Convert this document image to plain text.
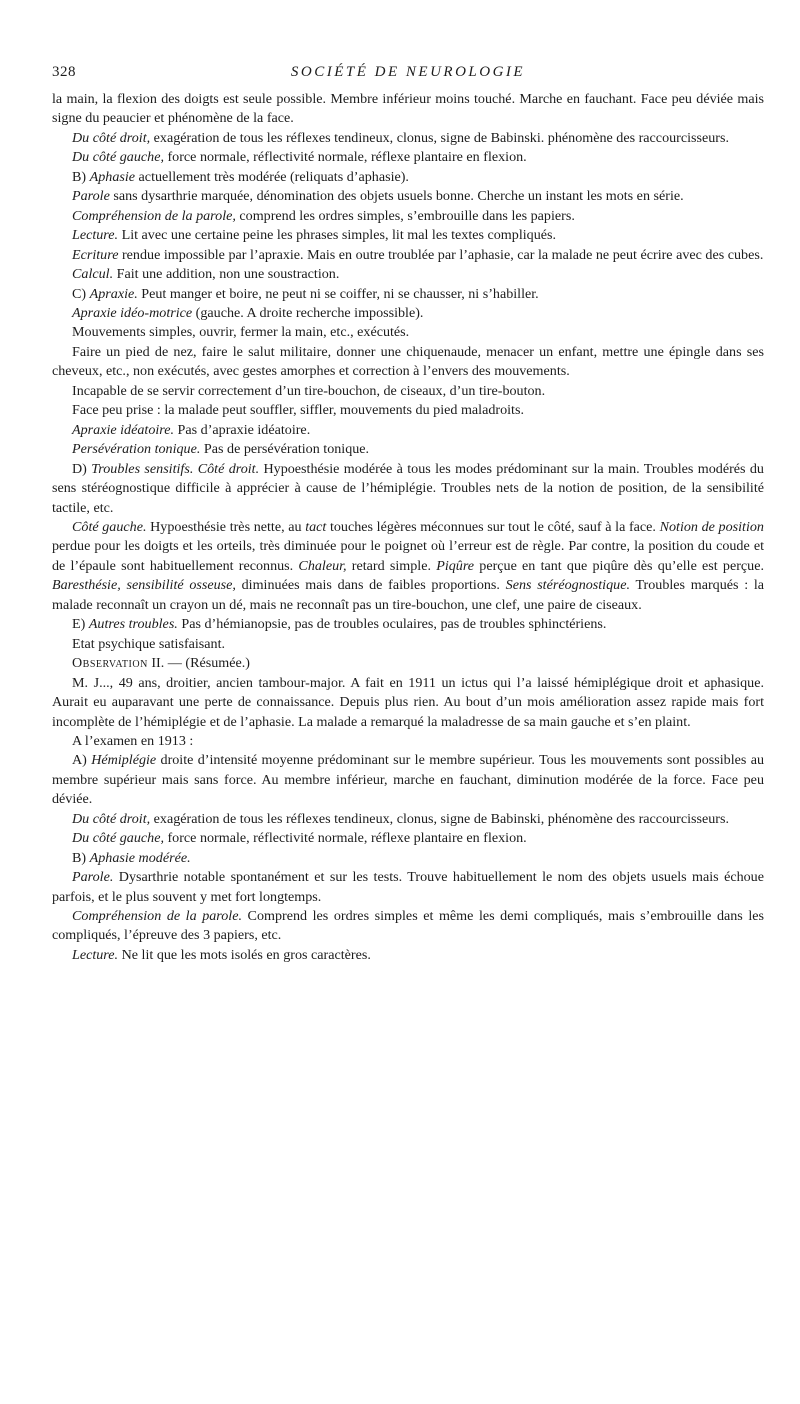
328	SOCIÉTÉ DE NEUROLOGIE

la main, la flexion des doigts est seule possible. Membre inférieur moins touché. Marche en fauchant. Face peu déviée mais signe du peaucier et phénomène de la face.

Du côté droit, exagération de tous les réflexes tendineux, clonus, signe de Babinski. phénomène des raccourcisseurs.

Du côté gauche, force normale, réflectivité normale, réflexe plantaire en flexion.

B) Aphasie actuellement très modérée (reliquats d’aphasie).

Parole sans dysarthrie marquée, dénomination des objets usuels bonne. Cherche un instant les mots en série.

Compréhension de la parole, comprend les ordres simples, s’embrouille dans les papiers.

Lecture. Lit avec une certaine peine les phrases simples, lit mal les textes compliqués.

Ecriture rendue impossible par l’apraxie. Mais en outre troublée par l’aphasie, car la malade ne peut écrire avec des cubes.

Calcul. Fait une addition, non une soustraction.

C) Apraxie. Peut manger et boire, ne peut ni se coiffer, ni se chausser, ni s’habiller.

Apraxie idéo-motrice (gauche. A droite recherche impossible).

Mouvements simples, ouvrir, fermer la main, etc., exécutés.

Faire un pied de nez, faire le salut militaire, donner une chiquenaude, menacer un enfant, mettre une épingle dans ses cheveux, etc., non exécutés, avec gestes amorphes et correction à l’envers des mouvements.

Incapable de se servir correctement d’un tire-bouchon, de ciseaux, d’un tire-bouton.

Face peu prise : la malade peut souffler, siffler, mouvements du pied maladroits.

Apraxie idéatoire. Pas d’apraxie idéatoire.

Persévération tonique. Pas de persévération tonique.

D) Troubles sensitifs. Côté droit. Hypoesthésie modérée à tous les modes prédominant sur la main. Troubles modérés du sens stéréognostique difficile à apprécier à cause de l’hémiplégie. Troubles nets de la notion de position, de la sensibilité tactile, etc.

Côté gauche. Hypoesthésie très nette, au tact touches légères méconnues sur tout le côté, sauf à la face. Notion de position perdue pour les doigts et les orteils, très diminuée pour le poignet où l’erreur est de règle. Par contre, la position du coude et de l’épaule sont habituellement reconnus. Chaleur, retard simple. Piqûre perçue en tant que piqûre dès qu’elle est perçue. Baresthésie, sensibilité osseuse, diminuées mais dans de faibles proportions. Sens stéréognostique. Troubles marqués : la malade reconnaît un crayon un dé, mais ne reconnaît pas un tire-bouchon, une clef, une paire de ciseaux.

E) Autres troubles. Pas d’hémianopsie, pas de troubles oculaires, pas de troubles sphinctériens.

Etat psychique satisfaisant.

Observation II. — (Résumée.)

M. J..., 49 ans, droitier, ancien tambour-major. A fait en 1911 un ictus qui l’a laissé hémiplégique droit et aphasique. Aurait eu auparavant une perte de connaissance. Depuis plus rien. Au bout d’un mois amélioration assez rapide mais fort incomplète de l’hémiplégie et de l’aphasie. La malade a remarqué la maladresse de sa main gauche et s’en plaint.

A l’examen en 1913 :

A) Hémiplégie droite d’intensité moyenne prédominant sur le membre supérieur. Tous les mouvements sont possibles au membre supérieur mais sans force. Au membre inférieur, marche en fauchant, diminution modérée de la force. Face peu déviée.

Du côté droit, exagération de tous les réflexes tendineux, clonus, signe de Babinski, phénomène des raccourcisseurs.

Du côté gauche, force normale, réflectivité normale, réflexe plantaire en flexion.

B) Aphasie modérée.

Parole. Dysarthrie notable spontanément et sur les tests. Trouve habituellement le nom des objets usuels mais échoue parfois, et le plus souvent y met fort longtemps.

Compréhension de la parole. Comprend les ordres simples et même les demi compliqués, mais s’embrouille dans les compliqués, l’épreuve des 3 papiers, etc.

Lecture. Ne lit que les mots isolés en gros caractères.
